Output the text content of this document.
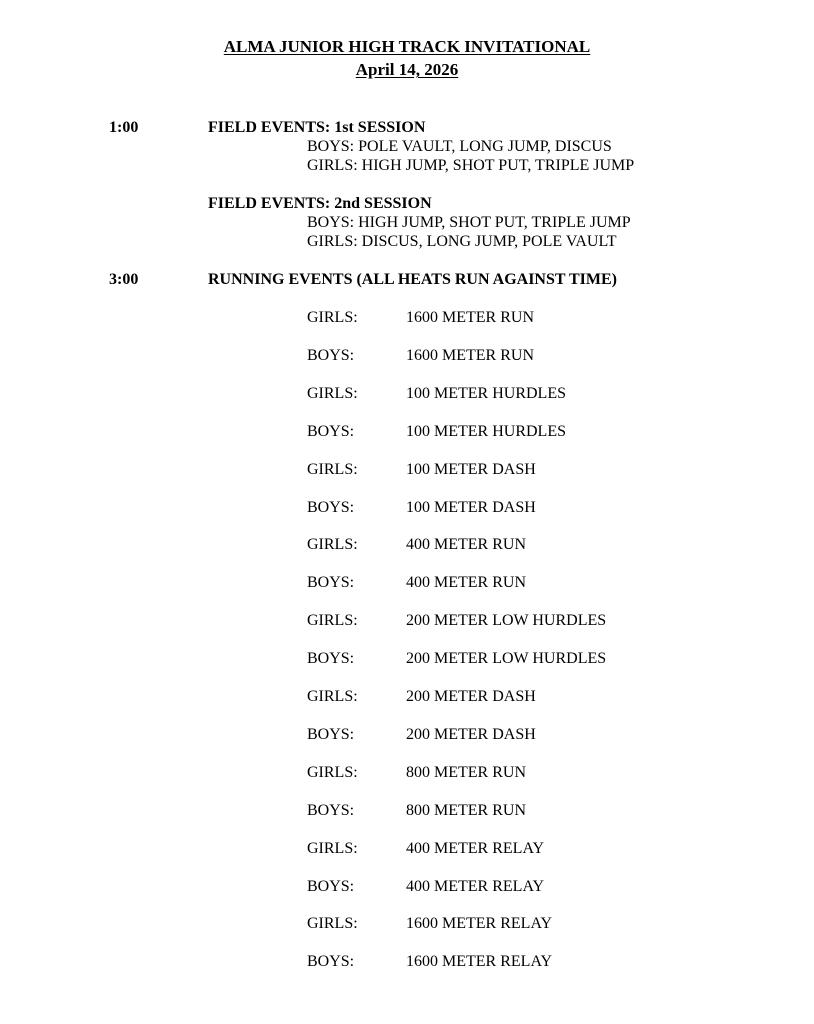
ALMA JUNIOR HIGH TRACK INVITATIONAL
April 14, 2026
1:00	FIELD EVENTS: 1st SESSION
BOYS: POLE VAULT, LONG JUMP, DISCUS
GIRLS: HIGH JUMP, SHOT PUT, TRIPLE JUMP
FIELD EVENTS: 2nd SESSION
BOYS: HIGH JUMP, SHOT PUT, TRIPLE JUMP
GIRLS: DISCUS, LONG JUMP, POLE VAULT
3:00	RUNNING EVENTS (ALL HEATS RUN AGAINST TIME)
GIRLS:	1600 METER RUN
BOYS:	1600 METER RUN
GIRLS:	100 METER HURDLES
BOYS:	100 METER HURDLES
GIRLS:	100 METER DASH
BOYS:	100 METER DASH
GIRLS:	400 METER RUN
BOYS:	400 METER RUN
GIRLS:	200 METER LOW HURDLES
BOYS:	200 METER LOW HURDLES
GIRLS:	200 METER DASH
BOYS:	200 METER DASH
GIRLS:	800 METER RUN
BOYS:	800 METER RUN
GIRLS:	400 METER RELAY
BOYS:	400 METER RELAY
GIRLS:	1600 METER RELAY
BOYS:	1600 METER RELAY
